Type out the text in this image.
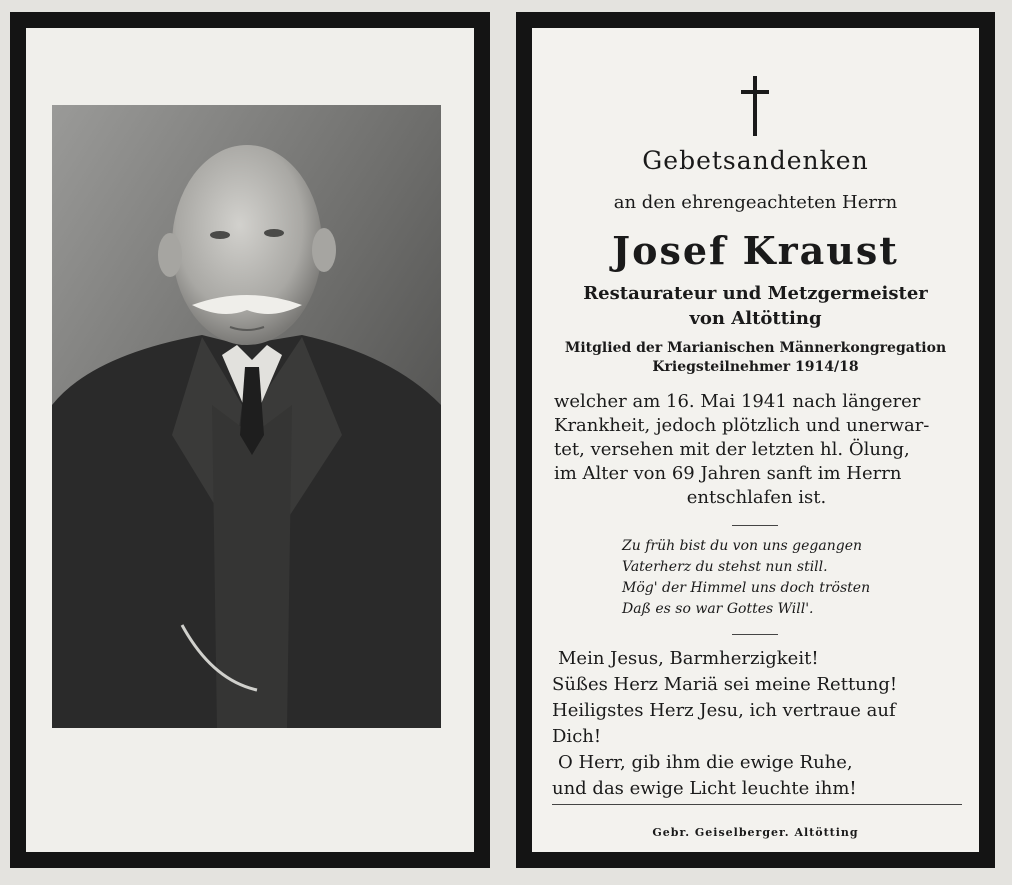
Gebetsandenken
an den ehrengeachteten Herrn
Josef Kraust
Restaurateur und Metzgermeister
von Altötting
Mitglied der Marianischen Männerkongregation
Kriegsteilnehmer 1914/18
welcher am 16. Mai 1941 nach längerer
Krankheit, jedoch plötzlich und unerwar-
tet, versehen mit der letzten hl. Ölung,
im Alter von 69 Jahren sanft im Herrn
entschlafen ist.
Zu früh bist du von uns gegangen
Vaterherz du stehst nun still.
Mög' der Himmel uns doch trösten
Daß es so war Gottes Will'.
Mein Jesus, Barmherzigkeit!
Süßes Herz Mariä sei meine Rettung!
Heiligstes Herz Jesu, ich vertraue auf
Dich!
O Herr, gib ihm die ewige Ruhe,
und das ewige Licht leuchte ihm!
Gebr. Geiselberger. Altötting
